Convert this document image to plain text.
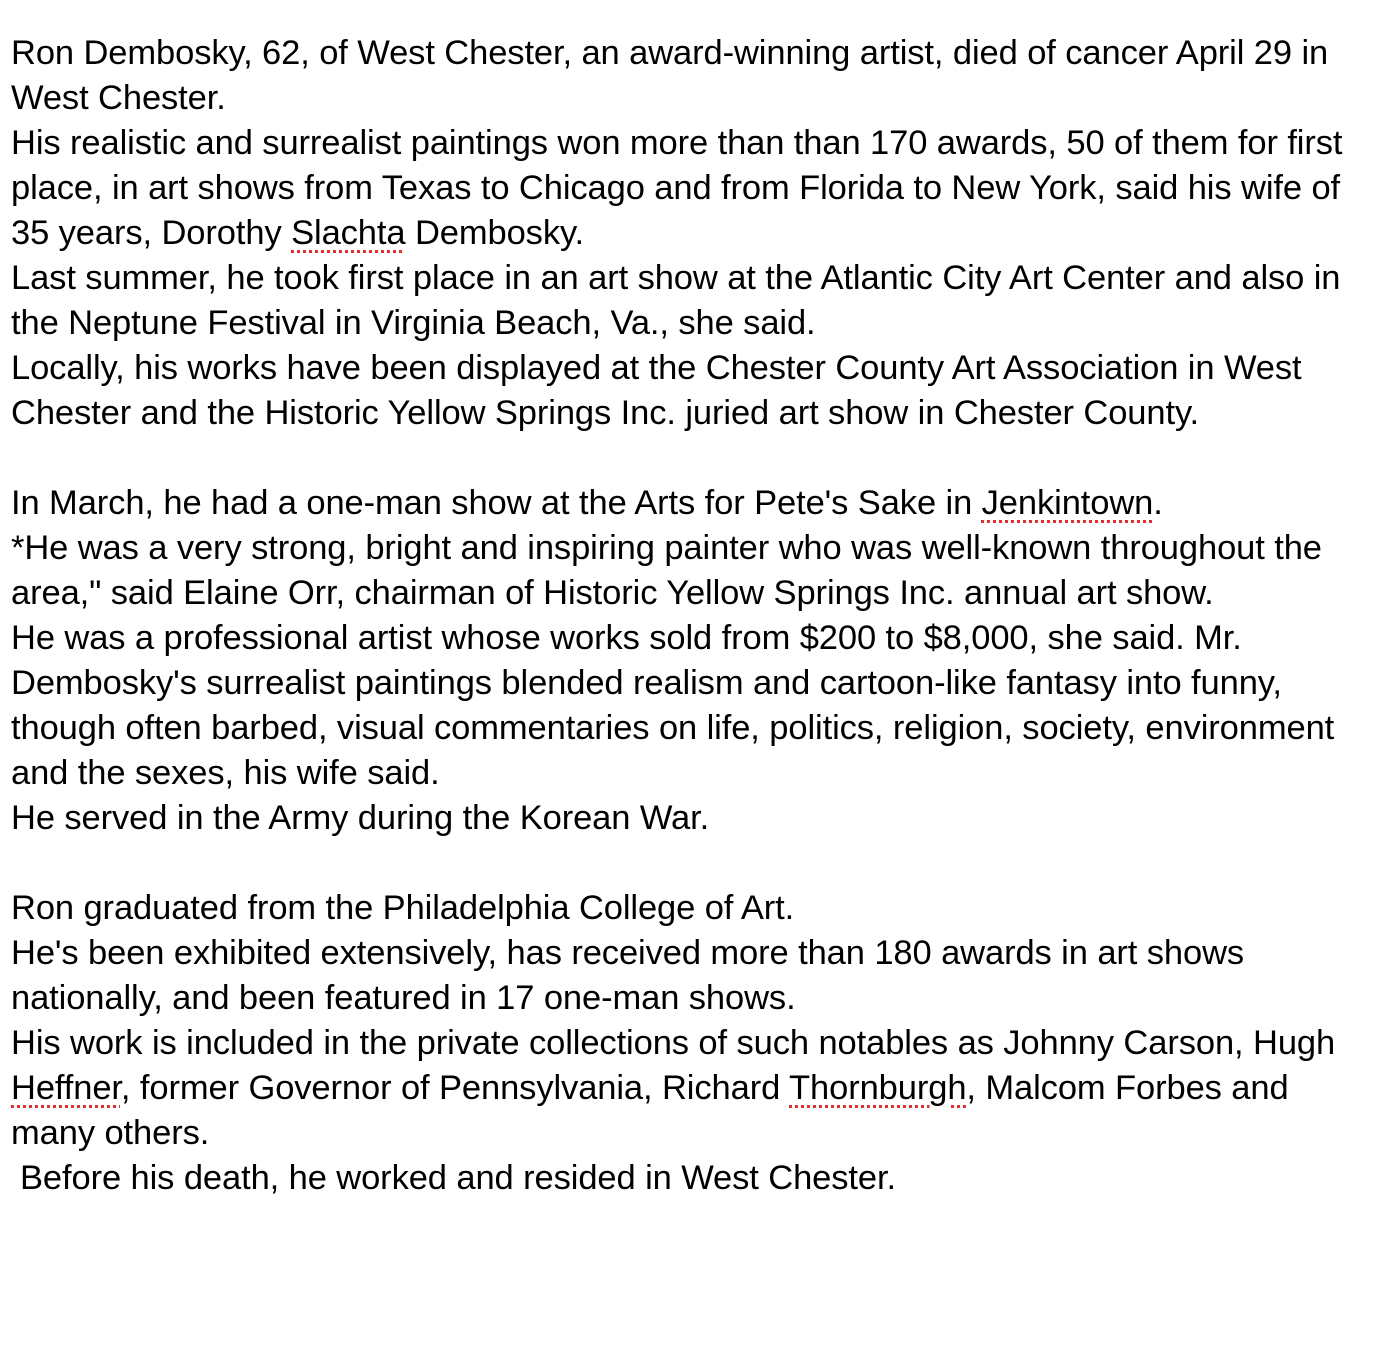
Ron Dembosky, 62, of West Chester, an award-winning artist, died of cancer April 29 in West Chester.

His realistic and surrealist paintings won more than than 170 awards, 50 of them for first place, in art shows from Texas to Chicago and from Florida to New York, said his wife of 35 years, Dorothy Slachta Dembosky.

Last summer, he took first place in an art show at the Atlantic City Art Center and also in the Neptune Festival in Virginia Beach, Va., she said.

Locally, his works have been displayed at the Chester County Art Association in West Chester and the Historic Yellow Springs Inc. juried art show in Chester County.

In March, he had a one-man show at the Arts for Pete's Sake in Jenkintown.

*He was a very strong, bright and inspiring painter who was well-known throughout the area," said Elaine Orr, chairman of Historic Yellow Springs Inc. annual art show.

He was a professional artist whose works sold from $200 to $8,000, she said. Mr. Dembosky's surrealist paintings blended realism and cartoon-like fantasy into funny, though often barbed, visual commentaries on life, politics, religion, society, environment and the sexes, his wife said.

He served in the Army during the Korean War.

Ron graduated from the Philadelphia College of Art.

He's been exhibited extensively, has received more than 180 awards in art shows nationally, and been featured in 17 one-man shows.

His work is included in the private collections of such notables as Johnny Carson, Hugh Heffner, former Governor of Pennsylvania, Richard Thornburgh, Malcom Forbes and many others.

Before his death, he worked and resided in West Chester.
